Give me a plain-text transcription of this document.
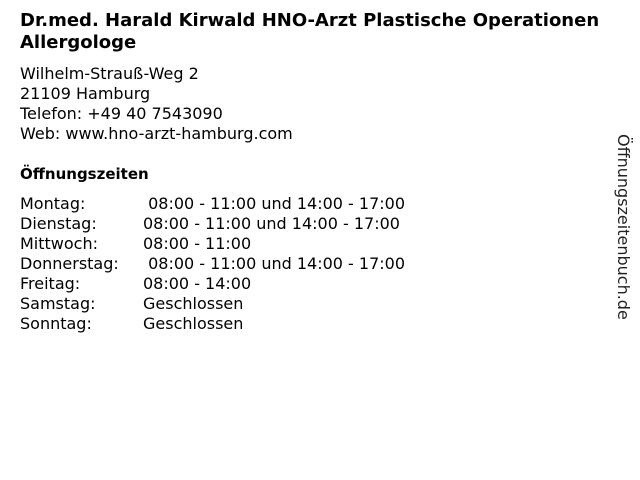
Dr.med. Harald Kirwald HNO-Arzt Plastische Operationen Allergologe
Wilhelm-Strauß-Weg 2
21109 Hamburg
Telefon: +49 40 7543090
Web: www.hno-arzt-hamburg.com
Öffnungszeiten
Montag:	08:00 - 11:00 und 14:00 - 17:00
Dienstag:	08:00 - 11:00 und 14:00 - 17:00
Mittwoch:	08:00 - 11:00
Donnerstag:	08:00 - 11:00 und 14:00 - 17:00
Freitag:	08:00 - 14:00
Samstag:	Geschlossen
Sonntag:	Geschlossen
Öffnungszeitenbuch.de
